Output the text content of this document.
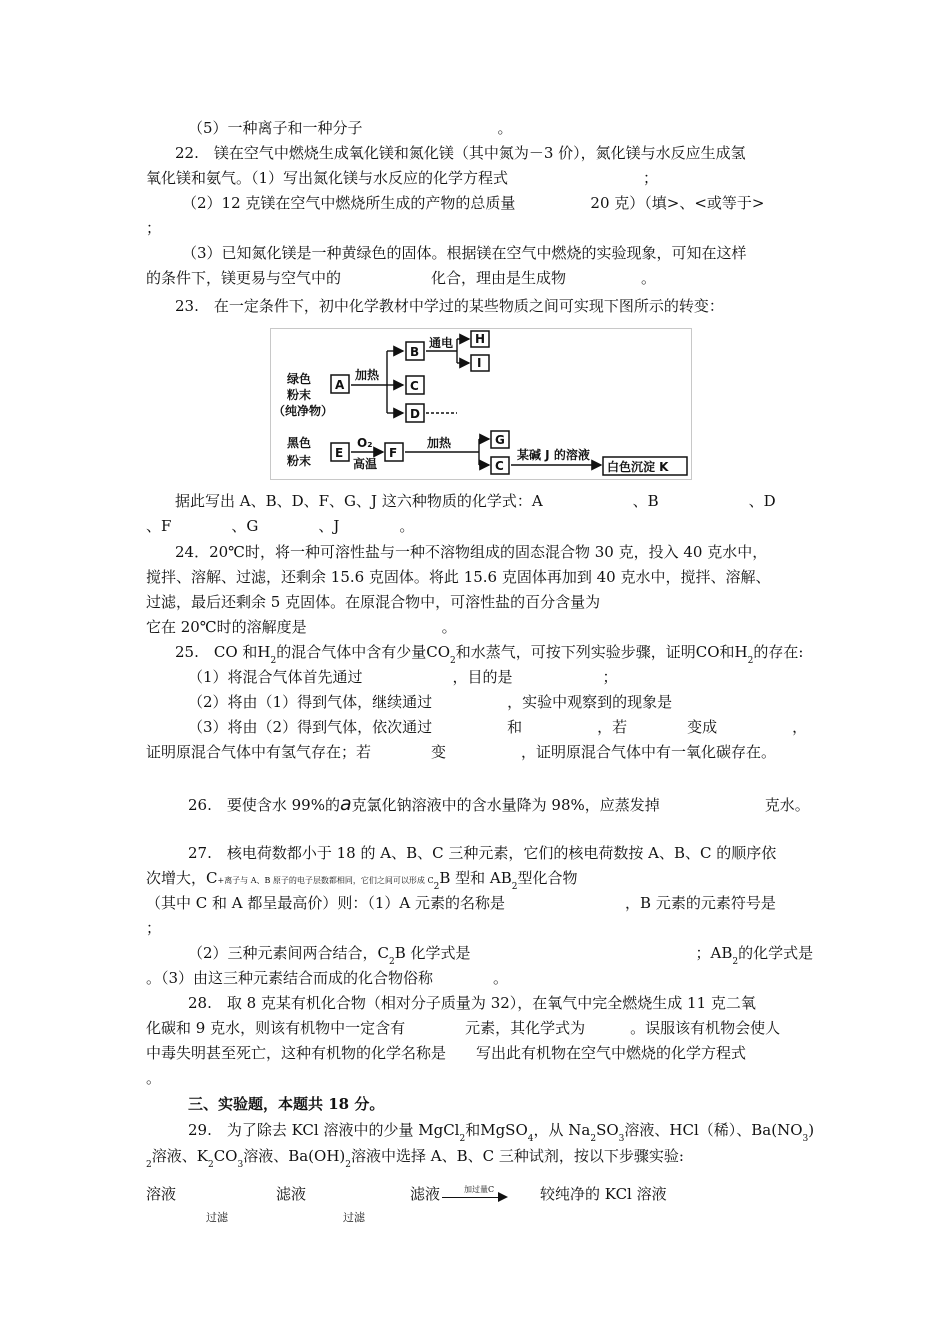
（5）一种离子和一种分子　　　　　　　　　。
22.　镁在空气中燃烧生成氧化镁和氮化镁（其中氮为－3 价），氮化镁与水反应生成氢
氧化镁和氨气。（1）写出氮化镁与水反应的化学方程式　　　　　　　　　；
（2）12 克镁在空气中燃烧所生成的产物的总质量　　　　　20 克）（填>、<或等于>
；
（3）已知氮化镁是一种黄绿色的固体。根据镁在空气中燃烧的实验现象，可知在这样
的条件下，镁更易与空气中的　　　　　　化合，理由是生成物　　　　　。
23.　在一定条件下，初中化学教材中学过的某些物质之间可实现下图所示的转变：
绿色
粉末
（纯净物）
A
加热
B
C
D
通电 H
I
黑色
粉末
E
O₂
高温
F
加热	G
C
某碱 J 的溶液
白色沉淀 K
据此写出 A、B、D、F、G、J 这六种物质的化学式：A　　　　　　、B　　　　　　、D
、F　　　　、G　　　　、J　　　　。
24．20℃时，将一种可溶性盐与一种不溶物组成的固态混合物 30 克，投入 40 克水中，
搅拌、溶解、过滤，还剩余 15.6 克固体。将此 15.6 克固体再加到 40 克水中，搅拌、溶解、
过滤，最后还剩余 5 克固体。在原混合物中，可溶性盐的百分含量为
它在 20℃时的溶解度是　　　　　　　　　。
25.　CO 和$H_2$的混合气体中含有少量$CO_2$和水蒸气，可按下列实验步骤，证明CO和$H_2$的存在:
（1）将混合气体首先通过　　　　　　，目的是　　　　　　；
（2）将由（1）得到气体，继续通过　　　　　，实验中观察到的现象是
（3）将由（2）得到气体，依次通过　　　　　和　　　　　，若　　　　变成　　　　　，
证明原混合气体中有氢气存在；若　　　　变　　　　　，证明原混合气体中有一氧化碳存在。
26.　要使含水 99%的a克氯化钠溶液中的含水量降为 98%，应蒸发掉　　　　　　　克水。
27.　核电荷数都小于 18 的 A、B、C 三种元素，它们的核电荷数按 A、B、C 的顺序依
次增大，C+离子与 A、B 原子的电子层数都相同，它们之间可以形成 $C_2B$ 型和 $AB_2$型化合物
（其中 C 和 A 都呈最高价）则：（1）A 元素的名称是　　　　　　　　，B 元素的元素符号是
；
（2）三种元素间两合结合，$C_2B$ 化学式是　　　　　　　　　　　　　　　；$AB_2$的化学式是
。（3）由这三种元素结合而成的化合物俗称　　　　。
28.　取 8 克某有机化合物（相对分子质量为 32），在氧气中完全燃烧生成 11 克二氧
化碳和 9 克水，则该有机物中一定含有　　　　元素，其化学式为　　　。误服该有机物会使人
中毒失明甚至死亡，这种有机物的化学名称是　　写出此有机物在空气中燃烧的化学方程式
。
三、实验题，本题共 18 分。
29.　为了除去 KCl 溶液中的少量 MgCl$_2$和MgSO$_4$，从 $Na_2SO_3$溶液、HCl（稀）、$Ba(NO_3)$
$_2$溶液、$K_2CO_3$溶液、$Ba(OH)_2$溶液中选择 A、B、C 三种试剂，按以下步骤实验:
溶液	滤液	滤液	加过量C	较纯净的 KCl 溶液
过滤	过滤
